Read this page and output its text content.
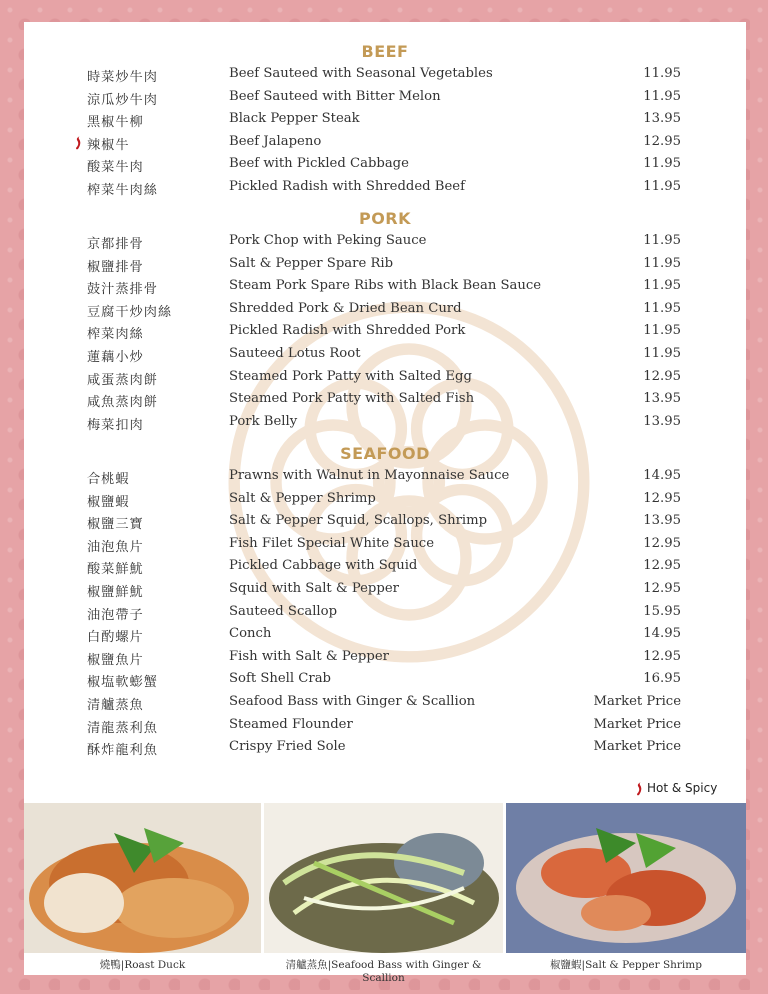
BEEF
時菜炒牛肉	Beef Sauteed with Seasonal Vegetables	11.95
涼瓜炒牛肉	Beef Sauteed with Bitter Melon	11.95
黑椒牛柳	Black Pepper Steak	13.95
辣椒牛	Beef Jalapeno	12.95
酸菜牛肉	Beef with Pickled Cabbage	11.95
榨菜牛肉絲	Pickled Radish with Shredded Beef	11.95
PORK
京都排骨	Pork Chop with Peking Sauce	11.95
椒鹽排骨	Salt & Pepper Spare Rib	11.95
鼓汁蒸排骨	Steam Pork Spare Ribs with Black Bean Sauce	11.95
豆腐干炒肉絲	Shredded Pork & Dried Bean Curd	11.95
榨菜肉絲	Pickled Radish with Shredded Pork	11.95
蓮藕小炒	Sauteed Lotus Root	11.95
咸蛋蒸肉餅	Steamed Pork Patty with Salted Egg	12.95
咸魚蒸肉餅	Steamed Pork Patty with Salted Fish	13.95
梅菜扣肉	Pork Belly	13.95
SEAFOOD
合桃蝦	Prawns with Walnut in Mayonnaise Sauce	14.95
椒鹽蝦	Salt & Pepper Shrimp	12.95
椒鹽三寶	Salt & Pepper Squid, Scallops, Shrimp	13.95
油泡魚片	Fish Filet Special White Sauce	12.95
酸菜鮮魷	Pickled Cabbage with Squid	12.95
椒鹽鮮魷	Squid with Salt & Pepper	12.95
油泡帶子	Sauteed Scallop	15.95
白酌螺片	Conch	14.95
椒鹽魚片	Fish with Salt & Pepper	12.95
椒塩軟蟛蟹	Soft Shell Crab	16.95
清艫蒸魚	Seafood Bass with Ginger & Scallion	Market Price
清龍蒸利魚	Steamed Flounder	Market Price
酥炸龍利魚	Crispy Fried Sole	Market Price
Hot & Spicy
燒鴨|Roast Duck	清艫蒸魚|Seafood Bass with Ginger & Scallion
椒鹽蝦|Salt & Pepper Shrimp
